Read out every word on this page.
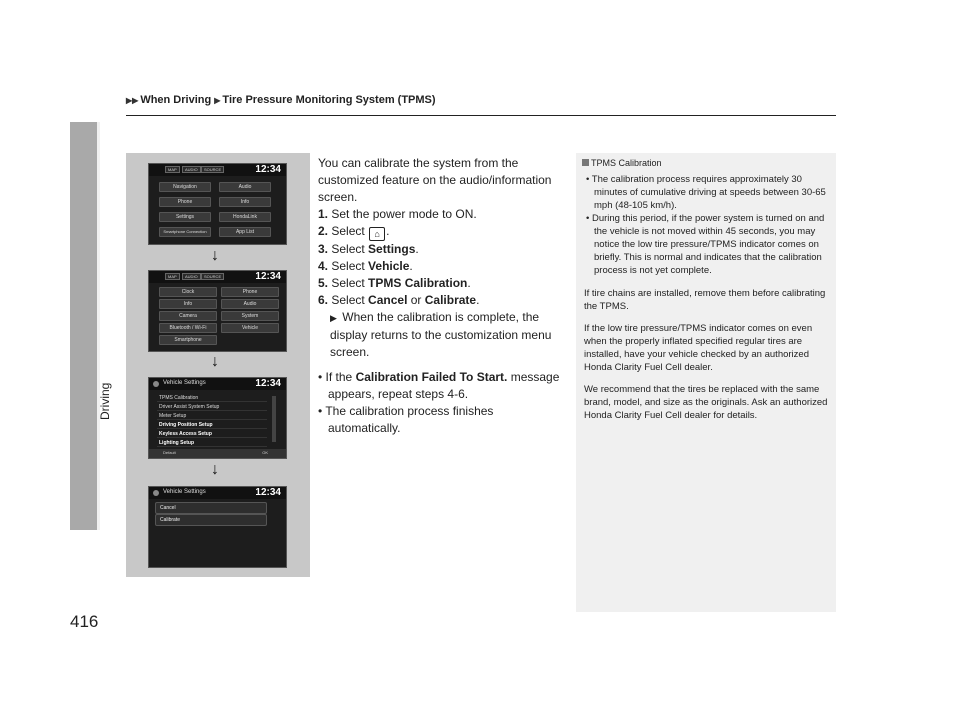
▶▶ When Driving ▶ Tire Pressure Monitoring System (TPMS)
Driving
416
MAP	AUDIO	SOURCE	12:34
Navigation	Audio
Phone	Info
Settings	HondaLink
Smartphone Connection	App List
↓
MAP	AUDIO	SOURCE	12:34
Clock	Phone
Info	Audio
Camera	System
Bluetooth / Wi-Fi	Vehicle
Smartphone
↓
Vehicle Settings	12:34
TPMS Calibration
Driver Assist System Setup
Meter Setup
Driving Position Setup
Keyless Access Setup
Lighting Setup
Default	OK
↓
Vehicle Settings	12:34
Cancel
Calibrate

You can calibrate the system from the customized feature on the audio/information screen.

1. Set the power mode to ON.
2. Select ⌂ .
3. Select Settings.
4. Select Vehicle.
5. Select TPMS Calibration.
6. Select Cancel or Calibrate.
▶ When the calibration is complete, the display returns to the customization menu screen.
• If the Calibration Failed To Start. message appears, repeat steps 4-6.
• The calibration process finishes automatically.
TPMS Calibration
• The calibration process requires approximately 30 minutes of cumulative driving at speeds between 30-65 mph (48-105 km/h).
• During this period, if the power system is turned on and the vehicle is not moved within 45 seconds, you may notice the low tire pressure/TPMS indicator comes on briefly. This is normal and indicates that the calibration process is not yet complete.

If tire chains are installed, remove them before calibrating the TPMS.

If the low tire pressure/TPMS indicator comes on even when the properly inflated specified regular tires are installed, have your vehicle checked by an authorized Honda Clarity Fuel Cell dealer.

We recommend that the tires be replaced with the same brand, model, and size as the originals. Ask an authorized Honda Clarity Fuel Cell dealer for details.
